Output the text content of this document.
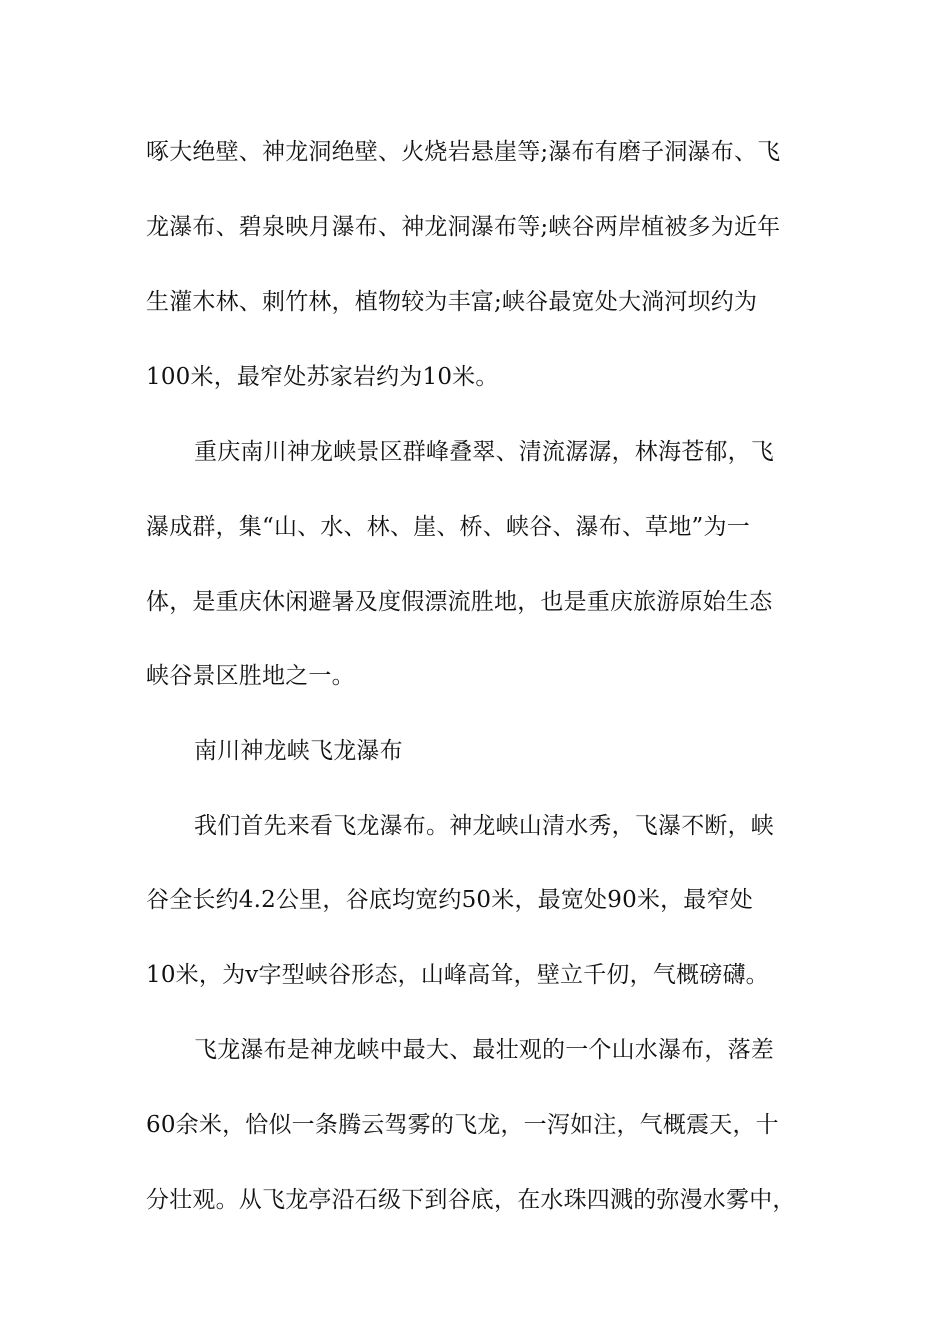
啄大绝壁、神龙洞绝壁、火烧岩悬崖等;瀑布有磨子洞瀑布、飞
龙瀑布、碧泉映月瀑布、神龙洞瀑布等;峡谷两岸植被多为近年
生灌木林、刺竹林，植物较为丰富;峡谷最宽处大淌河坝约为
100米，最窄处苏家岩约为10米。
重庆南川神龙峡景区群峰叠翠、清流潺潺，林海苍郁，飞
瀑成群，集“山、水、林、崖、桥、峡谷、瀑布、草地”为一
体，是重庆休闲避暑及度假漂流胜地，也是重庆旅游原始生态
峡谷景区胜地之一。
南川神龙峡飞龙瀑布
我们首先来看飞龙瀑布。神龙峡山清水秀，飞瀑不断，峡
谷全长约4.2公里，谷底均宽约50米，最宽处90米，最窄处
10米，为v字型峡谷形态，山峰高耸，壁立千仞，气概磅礴。
飞龙瀑布是神龙峡中最大、最壮观的一个山水瀑布，落差
60余米，恰似一条腾云驾雾的飞龙，一泻如注，气概震天，十
分壮观。从飞龙亭沿石级下到谷底，在水珠四溅的弥漫水雾中，
